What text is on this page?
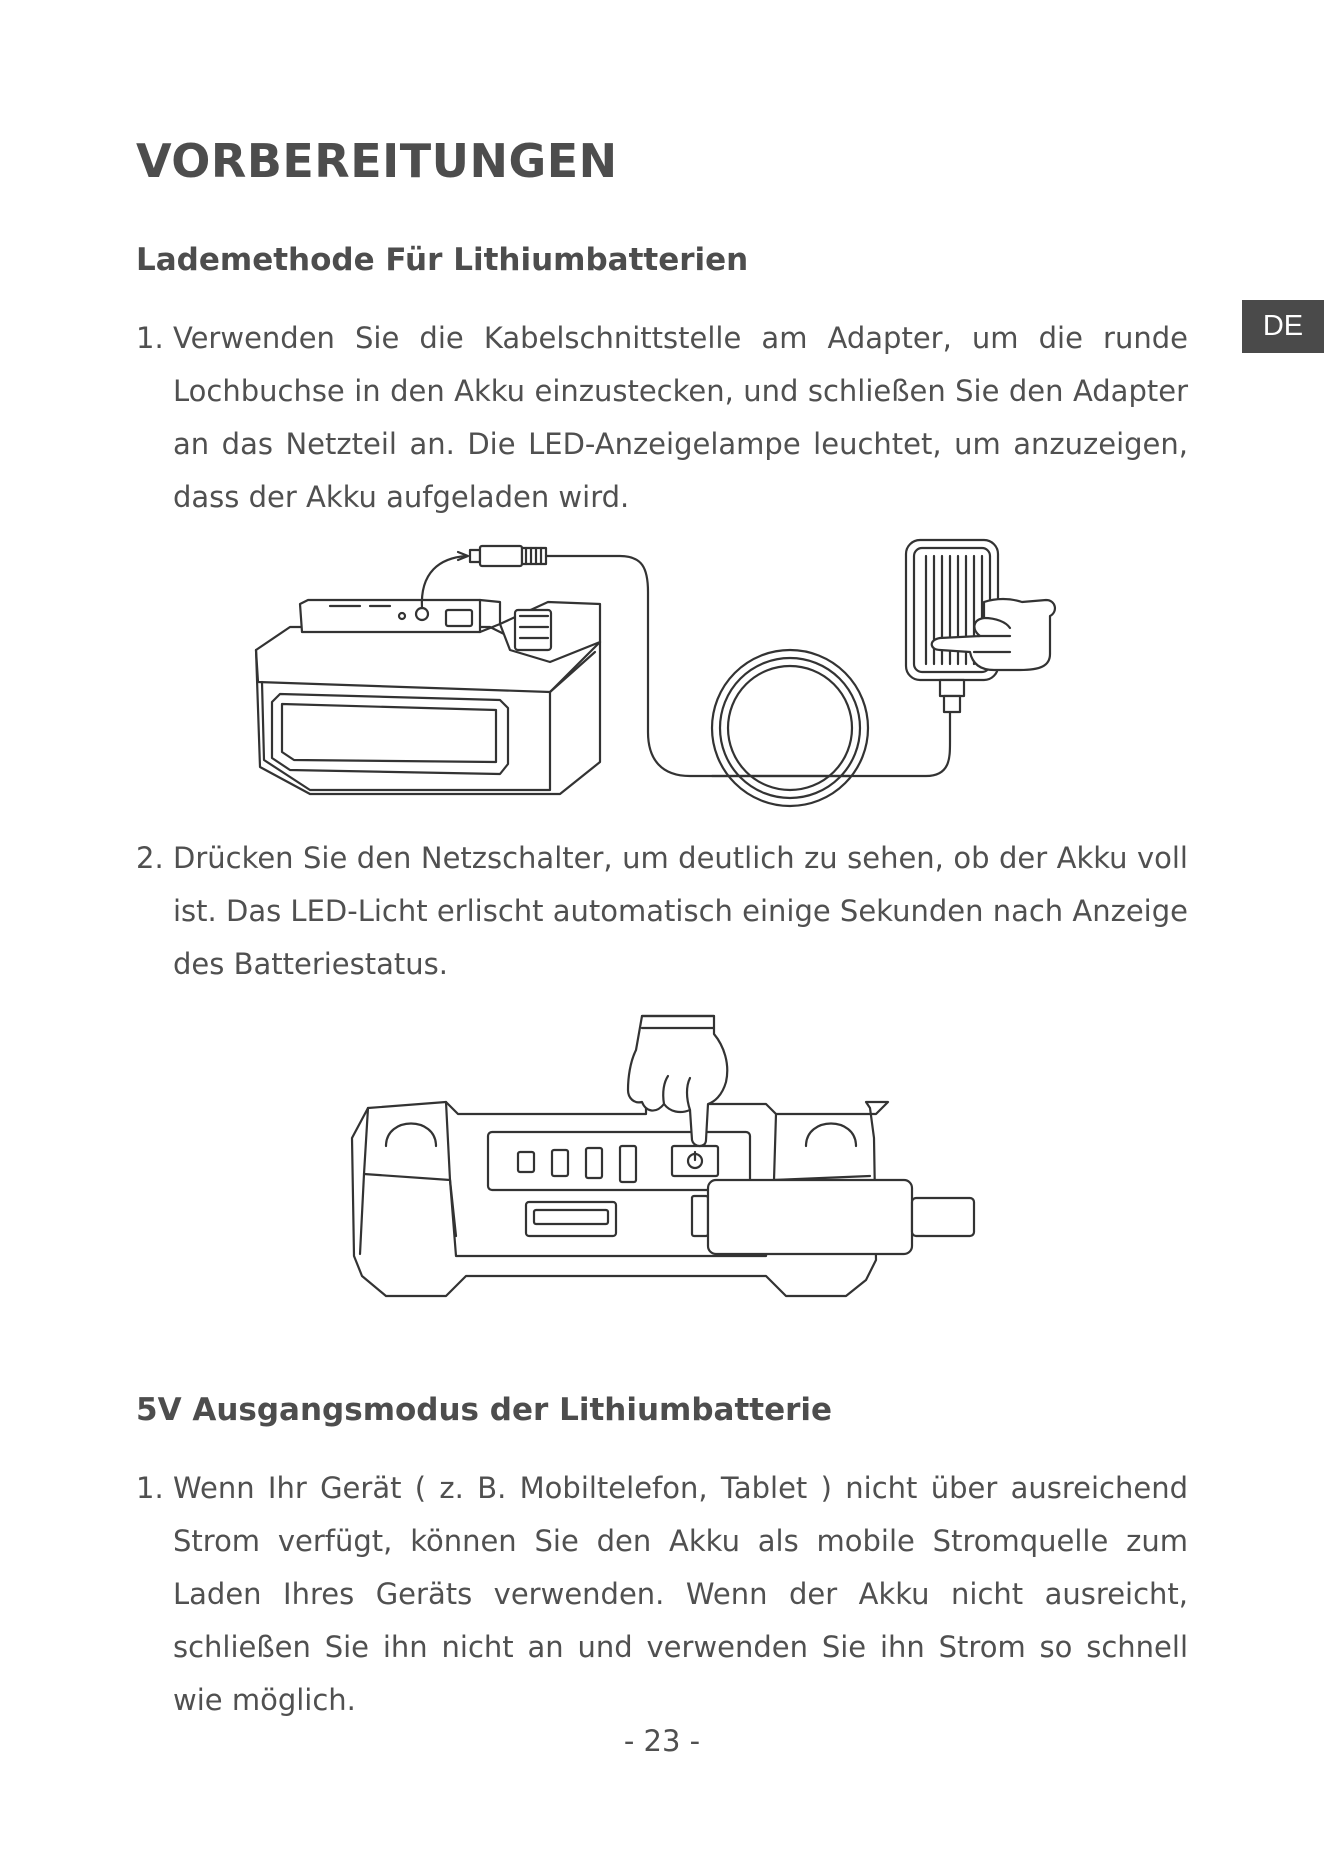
VORBEREITUNGEN
DE
Lademethode Für Lithiumbatterien

1. Verwenden Sie die Kabelschnittstelle am Adapter, um die runde Lochbuchse in den Akku einzustecken, und schließen Sie den Adapter an das Netzteil an. Die LED-Anzeigelampe leuchtet, um anzuzeigen, dass der Akku aufgeladen wird.

2. Drücken Sie den Netzschalter, um deutlich zu sehen, ob der Akku voll ist. Das LED-Licht erlischt automatisch einige Sekunden nach Anzeige des Batteriestatus.

5V Ausgangsmodus der Lithiumbatterie

1. Wenn Ihr Gerät ( z. B. Mobiltelefon, Tablet ) nicht über ausreichend Strom verfügt, können Sie den Akku als mobile Stromquelle zum Laden Ihres Geräts verwenden. Wenn der Akku nicht ausreicht, schließen Sie ihn nicht an und verwenden Sie ihn Strom so schnell wie möglich.

- 23 -
